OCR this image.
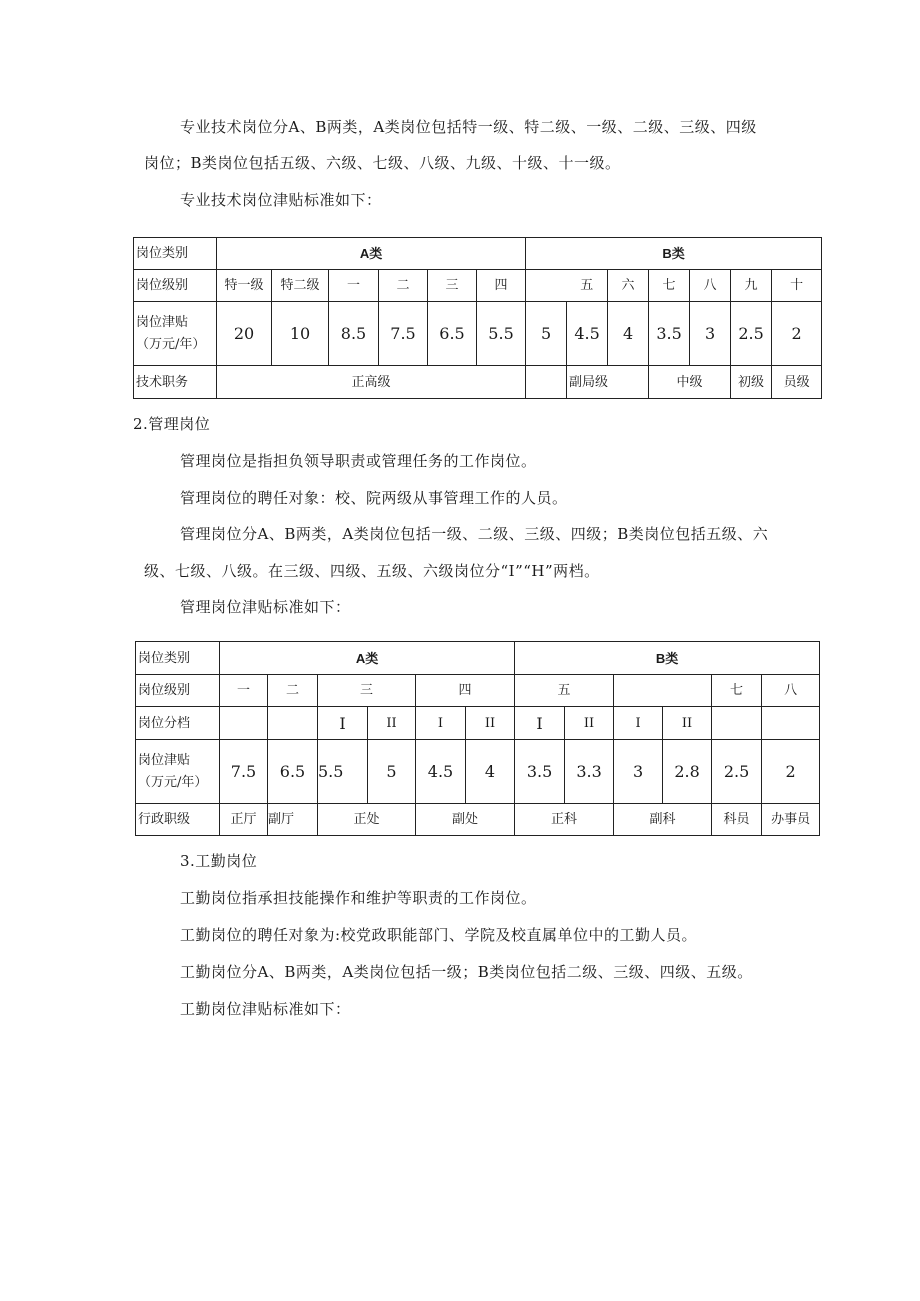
专业技术岗位分A、B两类，A类岗位包括特一级、特二级、一级、二级、三级、四级
岗位；B类岗位包括五级、六级、七级、八级、九级、十级、十一级。
专业技术岗位津贴标准如下：
岗位类别	A类						B类						
岗位级别	特一级	特二级	一	二	三	四		五	六	七	八	九	十

岗位津贴
（万元/年）	20	10	8.5	7.5	6.5	5.5	5	4.5	4	3.5	3	2.5	2
技术职务	正高级							副局级		中级		初级	员级
2.管理岗位
管理岗位是指担负领导职责或管理任务的工作岗位。
管理岗位的聘任对象：校、院两级从事管理工作的人员。
管理岗位分A、B两类，A类岗位包括一级、二级、三级、四级；B类岗位包括五级、六
级、七级、八级。在三级、四级、五级、六级岗位分“I”“H”两档。
管理岗位津贴标准如下：
岗位类别	A类						B类					
岗位级别	一	二	三		四		五				七	八
岗位分档			I	II	I	II	I	II	I	II		

岗位津贴
（万元/年）	7.5	6.5	5.5	5	4.5	4	3.5	3.3	3	2.8	2.5	2
行政职级	正厅	副厅	正处		副处		正科		副科		科员	办事员
3.工勤岗位
工勤岗位指承担技能操作和维护等职责的工作岗位。
工勤岗位的聘任对象为:校党政职能部门、学院及校直属单位中的工勤人员。
工勤岗位分A、B两类，A类岗位包括一级；B类岗位包括二级、三级、四级、五级。
工勤岗位津贴标准如下：
